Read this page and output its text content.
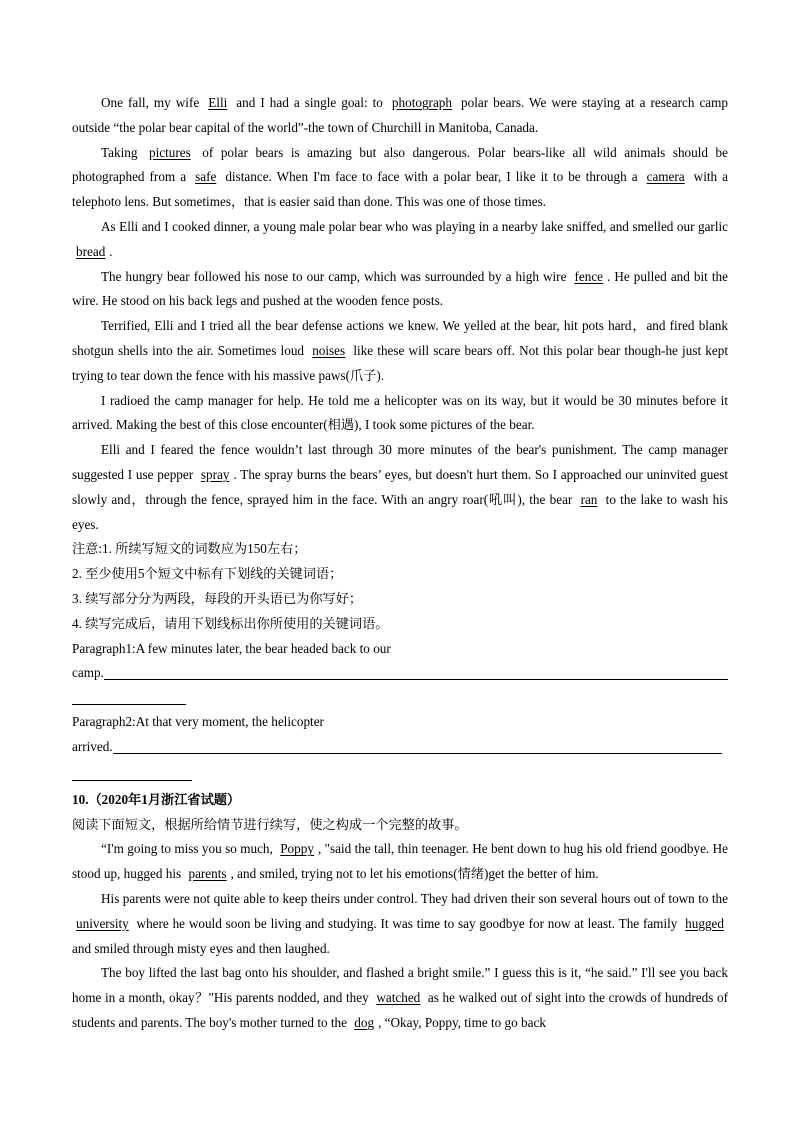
One fall, my wife Elli and I had a single goal: to photograph polar bears. We were staying at a research camp outside “the polar bear capital of the world”-the town of Churchill in Manitoba, Canada.

Taking pictures of polar bears is amazing but also dangerous. Polar bears-like all wild animals should be photographed from a safe distance. When I'm face to face with a polar bear, I like it to be through a camera with a telephoto lens. But sometimes，that is easier said than done. This was one of those times.

As Elli and I cooked dinner, a young male polar bear who was playing in a nearby lake sniffed, and smelled our garlic bread .

The hungry bear followed his nose to our camp, which was surrounded by a high wire fence . He pulled and bit the wire. He stood on his back legs and pushed at the wooden fence posts.

Terrified, Elli and I tried all the bear defense actions we knew. We yelled at the bear, hit pots hard，and fired blank shotgun shells into the air. Sometimes loud noises like these will scare bears off. Not this polar bear though-he just kept trying to tear down the fence with his massive paws(爪子).

I radioed the camp manager for help. He told me a helicopter was on its way, but it would be 30 minutes before it arrived. Making the best of this close encounter(相遇), I took some pictures of the bear.

Elli and I feared the fence wouldn’t last through 30 more minutes of the bear's punishment. The camp manager suggested I use pepper spray . The spray burns the bears’ eyes, but doesn't hurt them. So I approached our uninvited guest slowly and，through the fence, sprayed him in the face. With an angry roar(吼叫), the bear ran to the lake to wash his eyes.

注意:1. 所续写短文的词数应为150左右；

2. 至少使用5个短文中标有下划线的关键词语；

3. 续写部分分为两段，每段的开头语已为你写好；

4. 续写完成后，请用下划线标出你所使用的关键词语。

Paragraph1:A few minutes later, the bear headed back to our

camp.

Paragraph2:At that very moment, the helicopter

arrived.

10.（2020年1月浙江省试题）

阅读下面短文，根据所给情节进行续写，使之构成一个完整的故事。

“I'm going to miss you so much, Poppy , "said the tall, thin teenager. He bent down to hug his old friend goodbye. He stood up, hugged his parents , and smiled, trying not to let his emotions(情绪)get the better of him.

His parents were not quite able to keep theirs under control. They had driven their son several hours out of town to the university where he would soon be living and studying. It was time to say goodbye for now at least. The family hugged and smiled through misty eyes and then laughed.

The boy lifted the last bag onto his shoulder, and flashed a bright smile.” I guess this is it, “he said.” I'll see you back home in a month, okay？"His parents nodded, and they watched as he walked out of sight into the crowds of hundreds of students and parents. The boy's mother turned to the dog , “Okay, Poppy, time to go back
